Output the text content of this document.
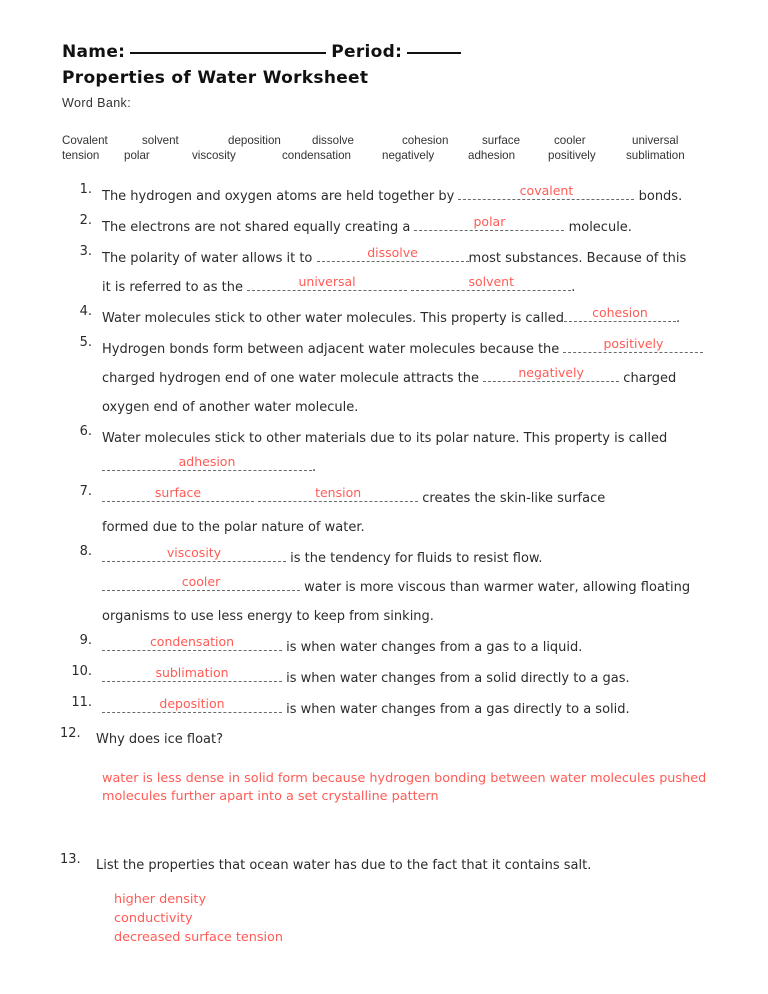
Name:	Period:
Properties of Water Worksheet
Word Bank:
Covalent	solvent	deposition	dissolve	cohesion	surface	cooler	universal
tension	polar	viscosity	condensation	negatively	adhesion	positively	sublimation
1. The hydrogen and oxygen atoms are held together by	covalent	bonds.
2. The electrons are not shared equally creating a	polar	molecule.
3. The polarity of water allows it to	dissolve	most substances. Because of this
it is referred to as the	universal
	solvent	.
4. Water molecules stick to other water molecules. This property is called	cohesion	.
5. Hydrogen bonds form between adjacent water molecules because the	positively

charged hydrogen end of one water molecule attracts the	negatively	charged
oxygen end of another water molecule.
6. Water molecules stick to other materials due to its polar nature. This property is called

adhesion	.
7.	surface
	tension	creates the skin-like surface
formed due to the polar nature of water.
8.	viscosity	is the tendency for fluids to resist flow.

cooler	water is more viscous than warmer water, allowing floating
organisms to use less energy to keep from sinking.
9.	condensation	is when water changes from a gas to a liquid.
10.	sublimation	is when water changes from a solid directly to a gas.
11.	deposition	is when water changes from a gas directly to a solid.
12.	Why does ice float?
water is less dense in solid form because hydrogen bonding between water molecules pushed
molecules further apart into a set crystalline pattern
13.	List the properties that ocean water has due to the fact that it contains salt.
higher density
conductivity
decreased surface tension
